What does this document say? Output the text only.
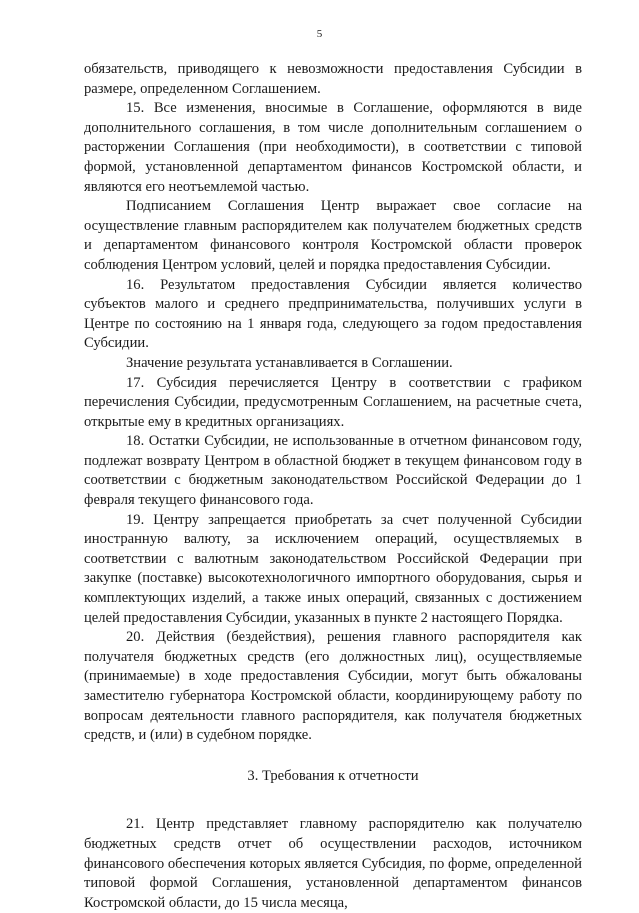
5

обязательств, приводящего к невозможности предоставления Субсидии в размере, определенном Соглашением.

15. Все изменения, вносимые в Соглашение, оформляются в виде дополнительного соглашения, в том числе дополнительным соглашением о расторжении Соглашения (при необходимости), в соответствии с типовой формой, установленной департаментом финансов Костромской области, и являются его неотъемлемой частью.

Подписанием Соглашения Центр выражает свое согласие на осуществление главным распорядителем как получателем бюджетных средств и департаментом финансового контроля Костромской области проверок соблюдения Центром условий, целей и порядка предоставления Субсидии.

16. Результатом предоставления Субсидии является количество субъектов малого и среднего предпринимательства, получивших услуги в Центре по состоянию на 1 января года, следующего за годом предоставления Субсидии.

Значение результата устанавливается в Соглашении.

17. Субсидия перечисляется Центру в соответствии с графиком перечисления Субсидии, предусмотренным Соглашением, на расчетные счета, открытые ему в кредитных организациях.

18. Остатки Субсидии, не использованные в отчетном финансовом году, подлежат возврату Центром в областной бюджет в текущем финансовом году в соответствии с бюджетным законодательством Российской Федерации до 1 февраля текущего финансового года.

19. Центру запрещается приобретать за счет полученной Субсидии иностранную валюту, за исключением операций, осуществляемых в соответствии с валютным законодательством Российской Федерации при закупке (поставке) высокотехнологичного импортного оборудования, сырья и комплектующих изделий, а также иных операций, связанных с достижением целей предоставления Субсидии, указанных в пункте 2 настоящего Порядка.

20. Действия (бездействия), решения главного распорядителя как получателя бюджетных средств (его должностных лиц), осуществляемые (принимаемые) в ходе предоставления Субсидии, могут быть обжалованы заместителю губернатора Костромской области, координирующему работу по вопросам деятельности главного распорядителя, как получателя бюджетных средств, и (или) в судебном порядке.

3. Требования к отчетности

21. Центр представляет главному распорядителю как получателю бюджетных средств отчет об осуществлении расходов, источником финансового обеспечения которых является Субсидия, по форме, определенной типовой формой Соглашения, установленной департаментом финансов Костромской области, до 15 числа месяца,
